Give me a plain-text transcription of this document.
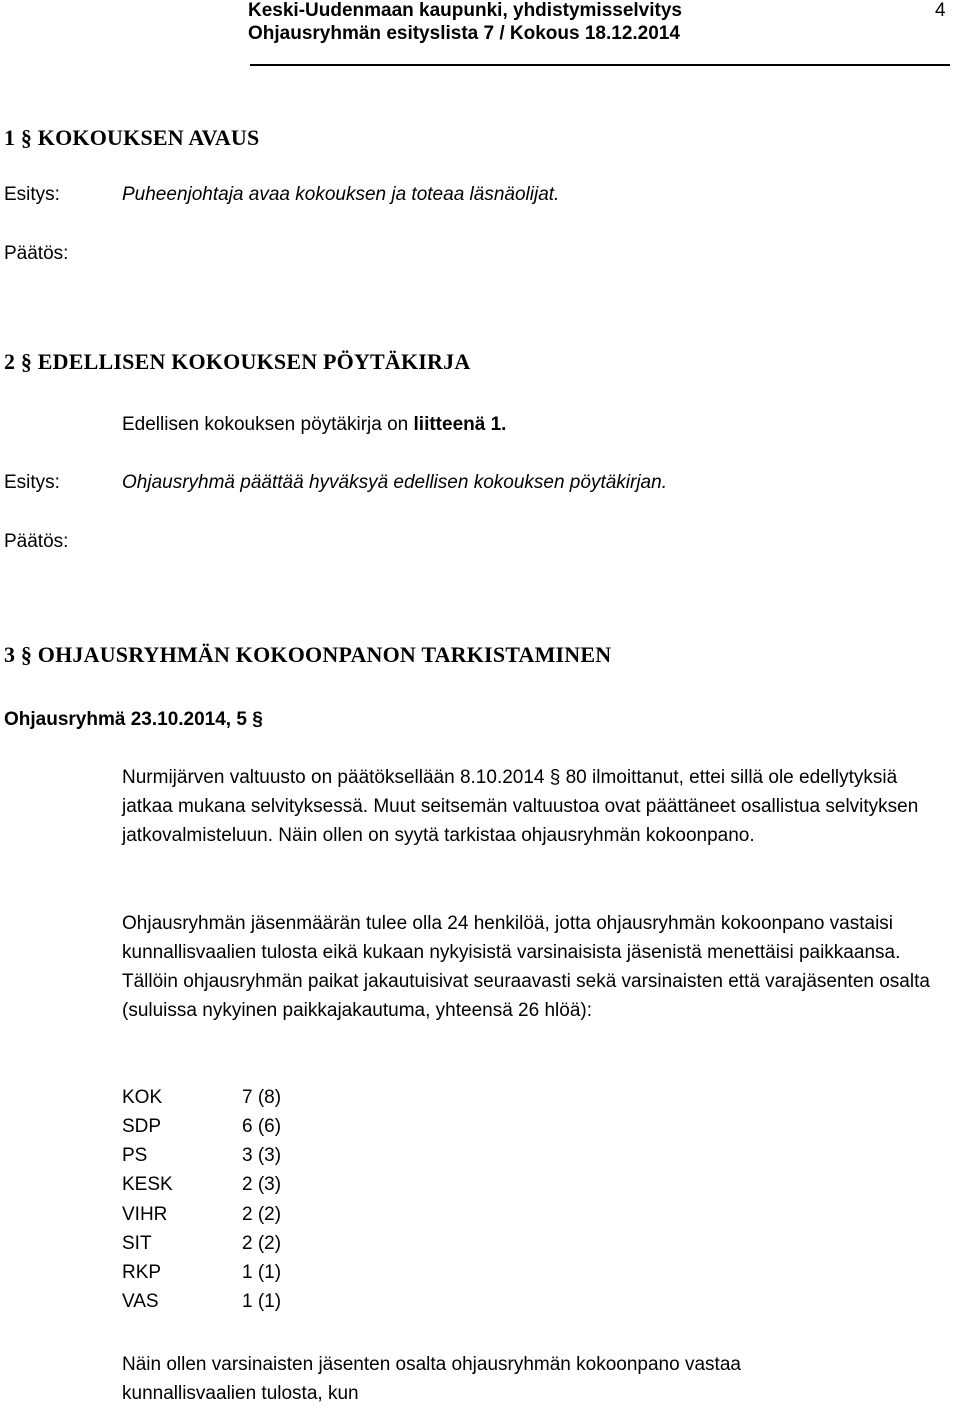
Keski-Uudenmaan kaupunki, yhdistymisselvitys
Ohjausryhmän esityslista 7 / Kokous 18.12.2014
4
1 § KOKOUKSEN AVAUS
Esitys:	Puheenjohtaja avaa kokouksen ja toteaa läsnäolijat.
Päätös:
2 § EDELLISEN KOKOUKSEN PÖYTÄKIRJA
Edellisen kokouksen pöytäkirja on liitteenä 1.
Esitys:	Ohjausryhmä päättää hyväksyä edellisen kokouksen pöytäkirjan.
Päätös:
3 § OHJAUSRYHMÄN KOKOONPANON TARKISTAMINEN
Ohjausryhmä 23.10.2014, 5 §
Nurmijärven valtuusto on päätöksellään 8.10.2014 § 80 ilmoittanut, ettei sillä ole edellytyksiä jatkaa mukana selvityksessä. Muut seitsemän valtuustoa ovat päättäneet osallistua selvityksen jatkovalmisteluun. Näin ollen on syytä tarkistaa ohjausryhmän kokoonpano.
Ohjausryhmän jäsenmäärän tulee olla 24 henkilöä, jotta ohjausryhmän kokoonpano vastaisi kunnallisvaalien tulosta eikä kukaan nykyisistä varsinaisista jäsenistä menettäisi paikkaansa. Tällöin ohjausryhmän paikat jakautuisivat seuraavasti sekä varsinaisten että varajäsenten osalta (suluissa nykyinen paikkajakautuma, yhteensä 26 hlöä):
KOK	7 (8)
SDP	6 (6)
PS	3 (3)
KESK	2 (3)
VIHR	2 (2)
SIT	2 (2)
RKP	1 (1)
VAS	1 (1)
Näin ollen varsinaisten jäsenten osalta ohjausryhmän kokoonpano vastaa kunnallisvaalien tulosta, kun
